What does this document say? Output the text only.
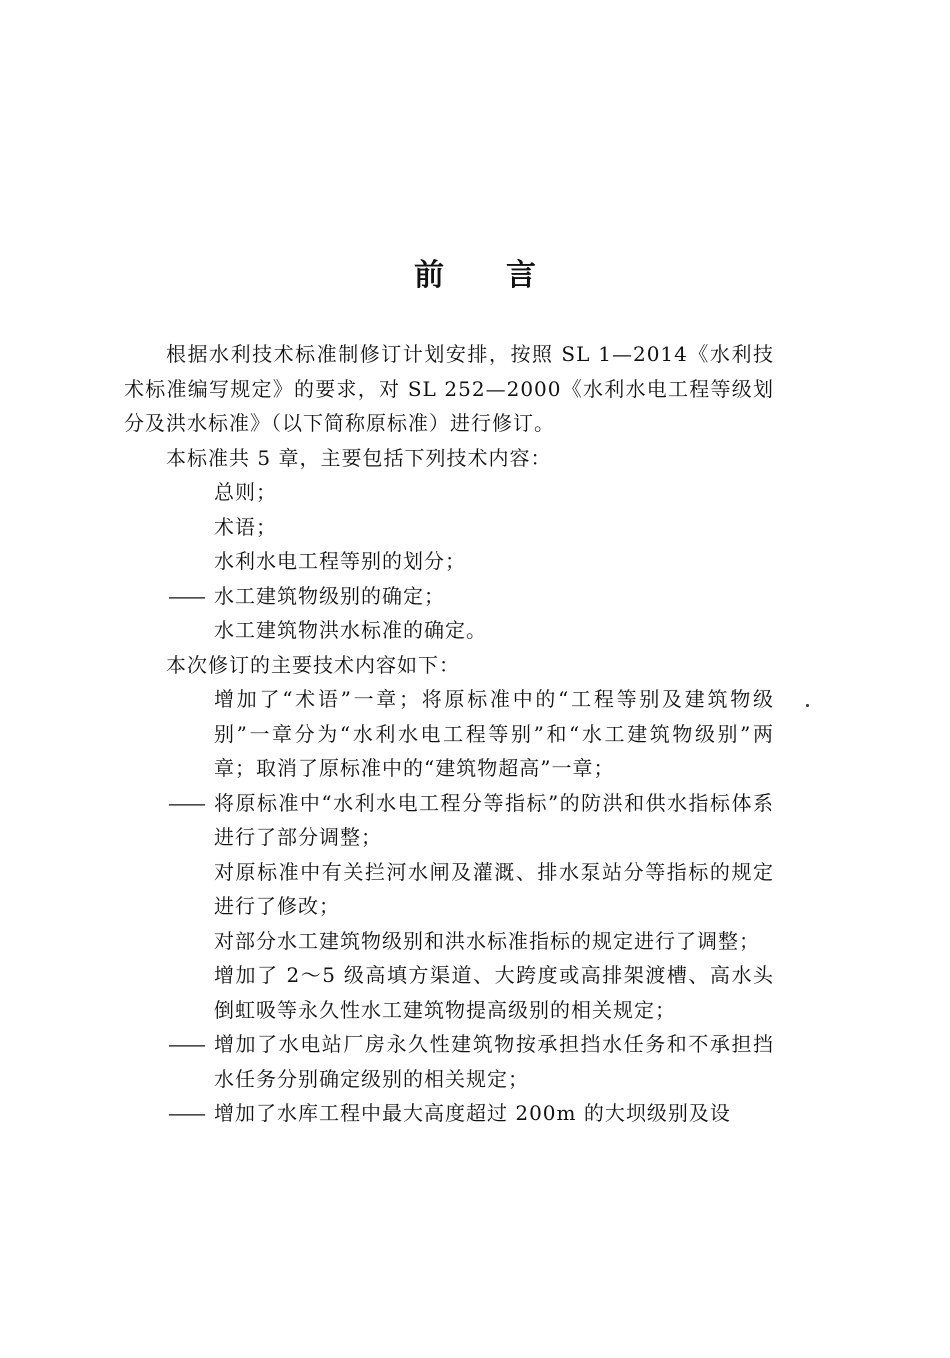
前 言

根据水利技术标准制修订计划安排，按照 SL 1—2014《水利技术标准编写规定》的要求，对 SL 252—2000《水利水电工程等级划分及洪水标准》（以下简称原标准）进行修订。

本标准共 5 章，主要包括下列技术内容：

总则；

术语；

水利水电工程等别的划分；

—— 水工建筑物级别的确定；

水工建筑物洪水标准的确定。

本次修订的主要技术内容如下：

增加了“术语”一章；将原标准中的“工程等别及建筑物级别”一章分为“水利水电工程等别”和“水工建筑物级别”两章；取消了原标准中的“建筑物超高”一章；

—— 将原标准中“水利水电工程分等指标”的防洪和供水指标体系进行了部分调整；

对原标准中有关拦河水闸及灌溉、排水泵站分等指标的规定进行了修改；

对部分水工建筑物级别和洪水标准指标的规定进行了调整；

增加了 2～5 级高填方渠道、大跨度或高排架渡槽、高水头倒虹吸等永久性水工建筑物提高级别的相关规定；

—— 增加了水电站厂房永久性建筑物按承担挡水任务和不承担挡水任务分别确定级别的相关规定；

—— 增加了水库工程中最大高度超过 200m 的大坝级别及设
